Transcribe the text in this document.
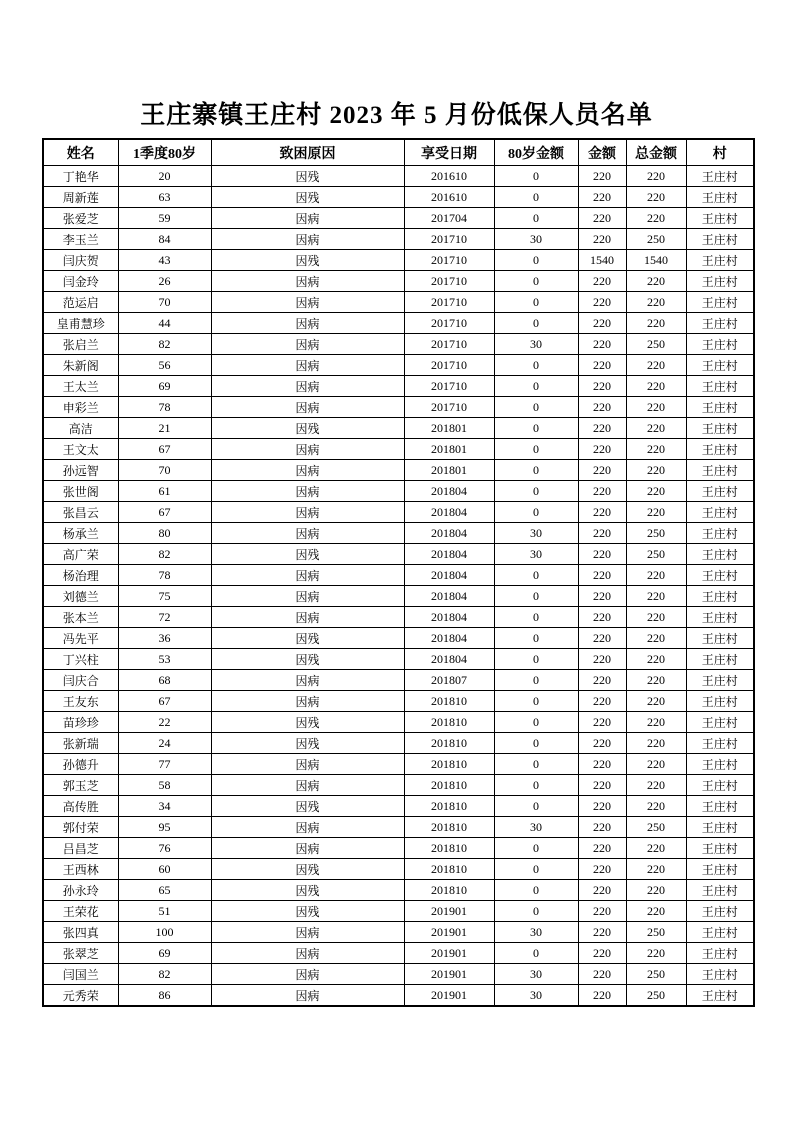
王庄寨镇王庄村 2023 年 5 月份低保人员名单
姓名	1季度80岁	致困原因	享受日期	80岁金额	金额	总金额	村
丁艳华	20	因残	201610	0	220	220	王庄村
周新莲	63	因残	201610	0	220	220	王庄村
张爱芝	59	因病	201704	0	220	220	王庄村
李玉兰	84	因病	201710	30	220	250	王庄村
闫庆贺	43	因残	201710	0	1540	1540	王庄村
闫金玲	26	因病	201710	0	220	220	王庄村
范运启	70	因病	201710	0	220	220	王庄村
皇甫慧珍	44	因病	201710	0	220	220	王庄村
张启兰	82	因病	201710	30	220	250	王庄村
朱新阁	56	因病	201710	0	220	220	王庄村
王太兰	69	因病	201710	0	220	220	王庄村
申彩兰	78	因病	201710	0	220	220	王庄村
高洁	21	因残	201801	0	220	220	王庄村
王文太	67	因病	201801	0	220	220	王庄村
孙远智	70	因病	201801	0	220	220	王庄村
张世阁	61	因病	201804	0	220	220	王庄村
张昌云	67	因病	201804	0	220	220	王庄村
杨承兰	80	因病	201804	30	220	250	王庄村
高广荣	82	因残	201804	30	220	250	王庄村
杨治理	78	因病	201804	0	220	220	王庄村
刘德兰	75	因病	201804	0	220	220	王庄村
张本兰	72	因病	201804	0	220	220	王庄村
冯先平	36	因残	201804	0	220	220	王庄村
丁兴柱	53	因残	201804	0	220	220	王庄村
闫庆合	68	因病	201807	0	220	220	王庄村
王友东	67	因病	201810	0	220	220	王庄村
苗珍珍	22	因残	201810	0	220	220	王庄村
张新瑞	24	因残	201810	0	220	220	王庄村
孙德升	77	因病	201810	0	220	220	王庄村
郭玉芝	58	因病	201810	0	220	220	王庄村
高传胜	34	因残	201810	0	220	220	王庄村
郭付荣	95	因病	201810	30	220	250	王庄村
吕昌芝	76	因病	201810	0	220	220	王庄村
王西林	60	因残	201810	0	220	220	王庄村
孙永玲	65	因残	201810	0	220	220	王庄村
王荣花	51	因残	201901	0	220	220	王庄村
张四真	100	因病	201901	30	220	250	王庄村
张翠芝	69	因病	201901	0	220	220	王庄村
闫国兰	82	因病	201901	30	220	250	王庄村
元秀荣	86	因病	201901	30	220	250	王庄村
